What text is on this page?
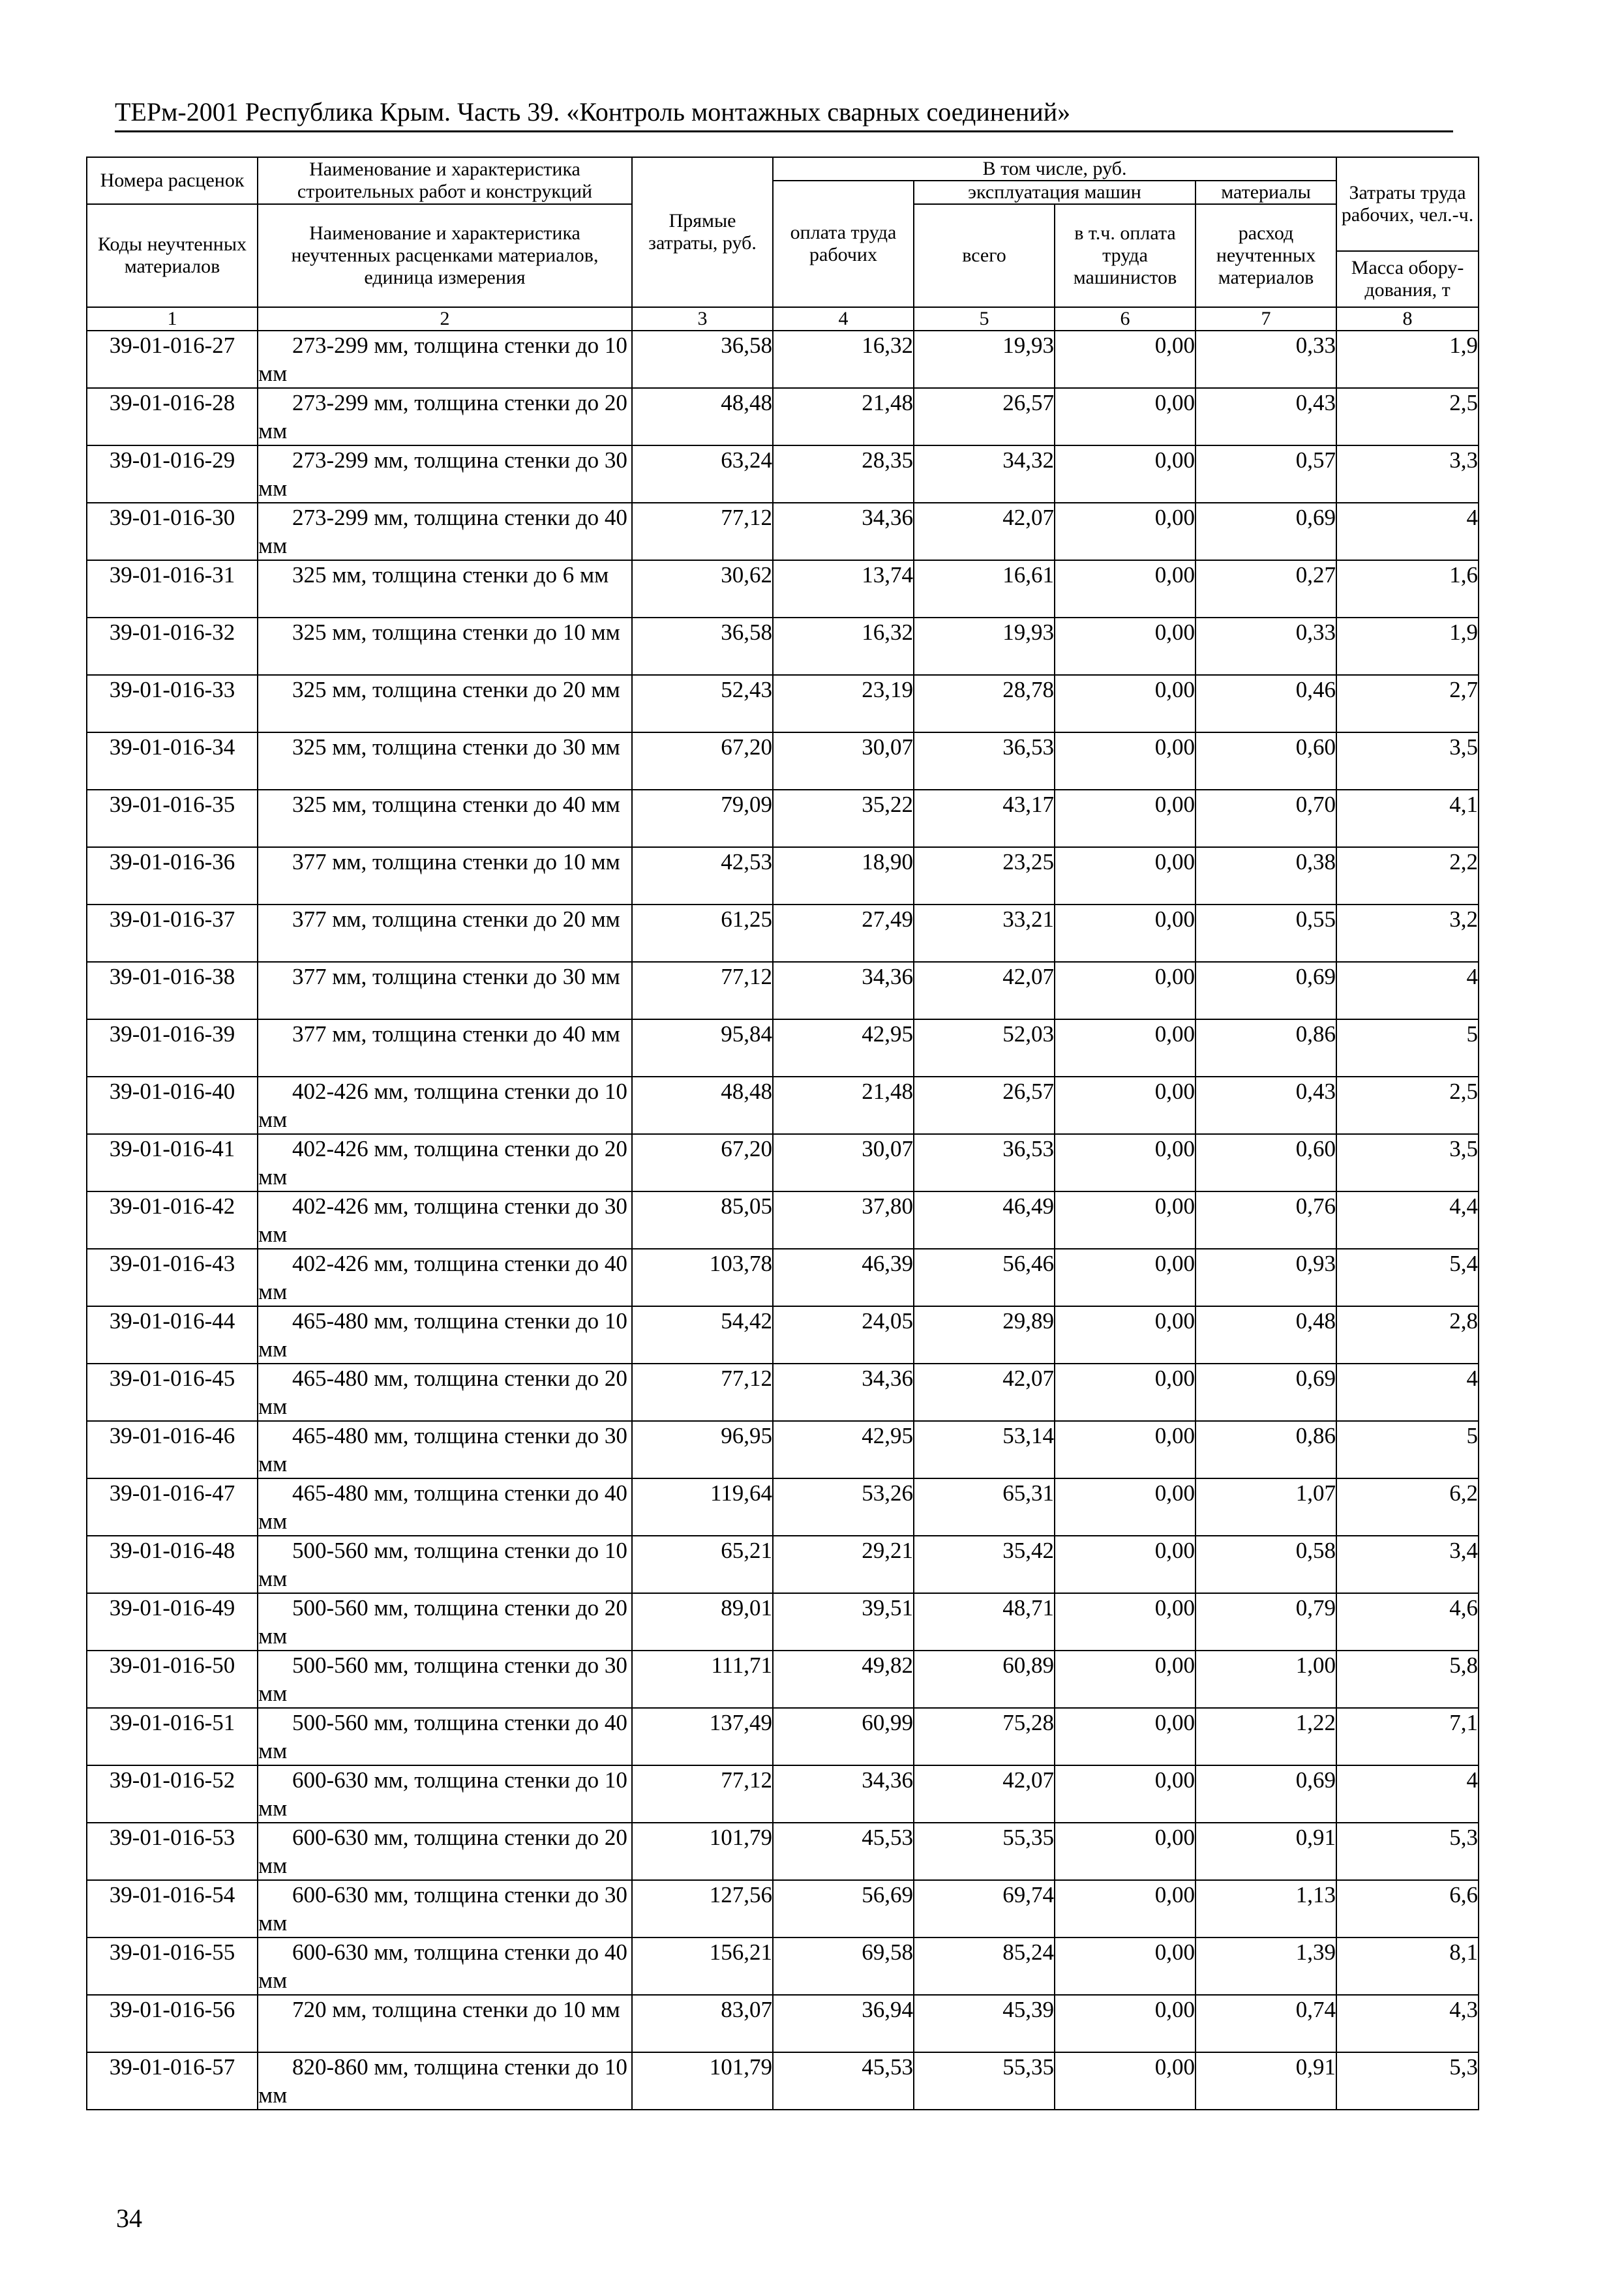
ТЕРм-2001 Республика Крым. Часть 39. «Контроль монтажных сварных соединений»
Номера расценок	Наименование и характеристика строительных работ и конструкций	Прямые затраты, руб.	В том числе, руб.				Затраты труда рабочих, чел.-ч.
			оплата труда рабочих	эксплуатация машин		материалы	
Коды неучтенных материалов	Наименование и характеристика неучтенных расценками материалов, единица измерения			всего	в т.ч. оплата труда машинистов	расход неучтенных материалов	
							Масса обору-дования, т
1	2	3	4	5	6	7	8
39-01-016-27	273-299 мм, толщина стенки до 10 мм	36,58	16,32	19,93	0,00	0,33	1,9
39-01-016-28	273-299 мм, толщина стенки до 20 мм	48,48	21,48	26,57	0,00	0,43	2,5
39-01-016-29	273-299 мм, толщина стенки до 30 мм	63,24	28,35	34,32	0,00	0,57	3,3
39-01-016-30	273-299 мм, толщина стенки до 40 мм	77,12	34,36	42,07	0,00	0,69	4
39-01-016-31	325 мм, толщина стенки до 6 мм	30,62	13,74	16,61	0,00	0,27	1,6
39-01-016-32	325 мм, толщина стенки до 10 мм	36,58	16,32	19,93	0,00	0,33	1,9
39-01-016-33	325 мм, толщина стенки до 20 мм	52,43	23,19	28,78	0,00	0,46	2,7
39-01-016-34	325 мм, толщина стенки до 30 мм	67,20	30,07	36,53	0,00	0,60	3,5
39-01-016-35	325 мм, толщина стенки до 40 мм	79,09	35,22	43,17	0,00	0,70	4,1
39-01-016-36	377 мм, толщина стенки до 10 мм	42,53	18,90	23,25	0,00	0,38	2,2
39-01-016-37	377 мм, толщина стенки до 20 мм	61,25	27,49	33,21	0,00	0,55	3,2
39-01-016-38	377 мм, толщина стенки до 30 мм	77,12	34,36	42,07	0,00	0,69	4
39-01-016-39	377 мм, толщина стенки до 40 мм	95,84	42,95	52,03	0,00	0,86	5
39-01-016-40	402-426 мм, толщина стенки до 10 мм	48,48	21,48	26,57	0,00	0,43	2,5
39-01-016-41	402-426 мм, толщина стенки до 20 мм	67,20	30,07	36,53	0,00	0,60	3,5
39-01-016-42	402-426 мм, толщина стенки до 30 мм	85,05	37,80	46,49	0,00	0,76	4,4
39-01-016-43	402-426 мм, толщина стенки до 40 мм	103,78	46,39	56,46	0,00	0,93	5,4
39-01-016-44	465-480 мм, толщина стенки до 10 мм	54,42	24,05	29,89	0,00	0,48	2,8
39-01-016-45	465-480 мм, толщина стенки до 20 мм	77,12	34,36	42,07	0,00	0,69	4
39-01-016-46	465-480 мм, толщина стенки до 30 мм	96,95	42,95	53,14	0,00	0,86	5
39-01-016-47	465-480 мм, толщина стенки до 40 мм	119,64	53,26	65,31	0,00	1,07	6,2
39-01-016-48	500-560 мм, толщина стенки до 10 мм	65,21	29,21	35,42	0,00	0,58	3,4
39-01-016-49	500-560 мм, толщина стенки до 20 мм	89,01	39,51	48,71	0,00	0,79	4,6
39-01-016-50	500-560 мм, толщина стенки до 30 мм	111,71	49,82	60,89	0,00	1,00	5,8
39-01-016-51	500-560 мм, толщина стенки до 40 мм	137,49	60,99	75,28	0,00	1,22	7,1
39-01-016-52	600-630 мм, толщина стенки до 10 мм	77,12	34,36	42,07	0,00	0,69	4
39-01-016-53	600-630 мм, толщина стенки до 20 мм	101,79	45,53	55,35	0,00	0,91	5,3
39-01-016-54	600-630 мм, толщина стенки до 30 мм	127,56	56,69	69,74	0,00	1,13	6,6
39-01-016-55	600-630 мм, толщина стенки до 40 мм	156,21	69,58	85,24	0,00	1,39	8,1
39-01-016-56	720 мм, толщина стенки до 10 мм	83,07	36,94	45,39	0,00	0,74	4,3
39-01-016-57	820-860 мм, толщина стенки до 10 мм	101,79	45,53	55,35	0,00	0,91	5,3
34
